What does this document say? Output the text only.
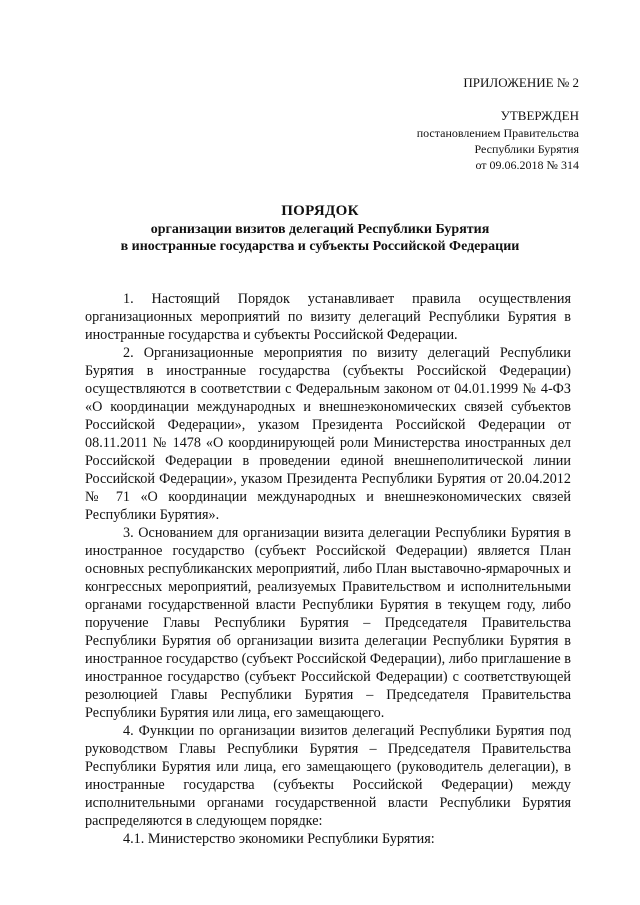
ПРИЛОЖЕНИЕ № 2
УТВЕРЖДЕН
постановлением Правительства
Республики Бурятия
от 09.06.2018 № 314
ПОРЯДОК
организации визитов делегаций Республики Бурятия
в иностранные государства и субъекты Российской Федерации

1. Настоящий Порядок устанавливает правила осуществления организационных мероприятий по визиту делегаций Республики Бурятия в иностранные государства и субъекты Российской Федерации.

2. Организационные мероприятия по визиту делегаций Республики Бурятия в иностранные государства (субъекты Российской Федерации) осуществляются в соответствии с Федеральным законом от 04.01.1999 № 4-ФЗ «О координации международных и внешнеэкономических связей субъектов Российской Федерации», указом Президента Российской Федерации от 08.11.2011 № 1478 «О координирующей роли Министерства иностранных дел Российской Федерации в проведении единой внешнеполитической линии Российской Федерации», указом Президента Республики Бурятия от 20.04.2012 № 71 «О координации международных и внешнеэкономических связей Республики Бурятия».

3. Основанием для организации визита делегации Республики Бурятия в иностранное государство (субъект Российской Федерации) является План основных республиканских мероприятий, либо План выставочно-ярмарочных и конгрессных мероприятий, реализуемых Правительством и исполнительными органами государственной власти Республики Бурятия в текущем году, либо поручение Главы Республики Бурятия – Председателя Правительства Республики Бурятия об организации визита делегации Республики Бурятия в иностранное государство (субъект Российской Федерации), либо приглашение в иностранное государство (субъект Российской Федерации) с соответствующей резолюцией Главы Республики Бурятия – Председателя Правительства Республики Бурятия или лица, его замещающего.

4. Функции по организации визитов делегаций Республики Бурятия под руководством Главы Республики Бурятия – Председателя Правительства Республики Бурятия или лица, его замещающего (руководитель делегации), в иностранные государства (субъекты Российской Федерации) между исполнительными органами государственной власти Республики Бурятия распределяются в следующем порядке:

4.1. Министерство экономики Республики Бурятия:
